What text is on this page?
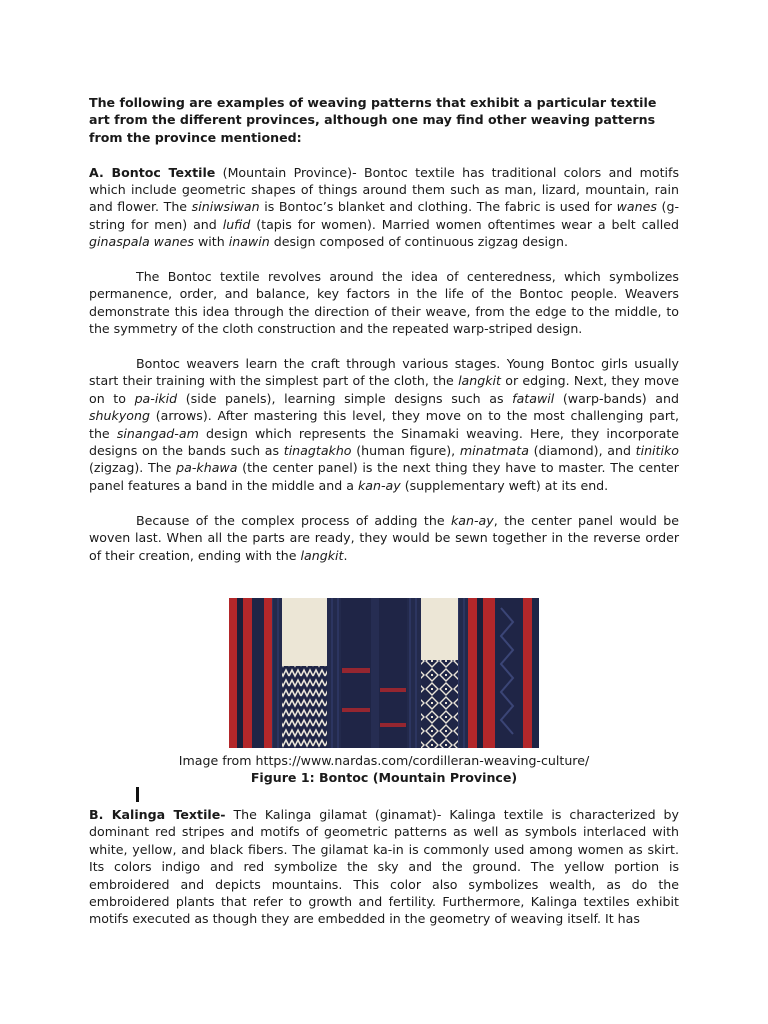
The following are examples of weaving patterns that exhibit a particular textile art from the different provinces, although one may find other weaving patterns from the province mentioned:

A. Bontoc Textile (Mountain Province)- Bontoc textile has traditional colors and motifs which include geometric shapes of things around them such as man, lizard, mountain, rain and flower. The siniwsiwan is Bontoc’s blanket and clothing. The fabric is used for wanes (g-string for men) and lufid (tapis for women). Married women oftentimes wear a belt called ginaspala wanes with inawin design composed of continuous zigzag design.

The Bontoc textile revolves around the idea of centeredness, which symbolizes permanence, order, and balance, key factors in the life of the Bontoc people. Weavers demonstrate this idea through the direction of their weave, from the edge to the middle, to the symmetry of the cloth construction and the repeated warp-striped design.

Bontoc weavers learn the craft through various stages. Young Bontoc girls usually start their training with the simplest part of the cloth, the langkit or edging. Next, they move on to pa-ikid (side panels), learning simple designs such as fatawil (warp-bands) and shukyong (arrows). After mastering this level, they move on to the most challenging part, the sinangad-am design which represents the Sinamaki weaving. Here, they incorporate designs on the bands such as tinagtakho (human figure), minatmata (diamond), and tinitiko (zigzag). The pa-khawa (the center panel) is the next thing they have to master. The center panel features a band in the middle and a kan-ay (supplementary weft) at its end.

Because of the complex process of adding the kan-ay, the center panel would be woven last. When all the parts are ready, they would be sewn together in the reverse order of their creation, ending with the langkit.

Image from https://www.nardas.com/cordilleran-weaving-culture/
Figure 1: Bontoc (Mountain Province)

B. Kalinga Textile- The Kalinga gilamat (ginamat)- Kalinga textile is characterized by dominant red stripes and motifs of geometric patterns as well as symbols interlaced with white, yellow, and black fibers. The gilamat ka-in is commonly used among women as skirt. Its colors indigo and red symbolize the sky and the ground. The yellow portion is embroidered and depicts mountains. This color also symbolizes wealth, as do the embroidered plants that refer to growth and fertility. Furthermore, Kalinga textiles exhibit motifs executed as though they are embedded in the geometry of weaving itself. It has
